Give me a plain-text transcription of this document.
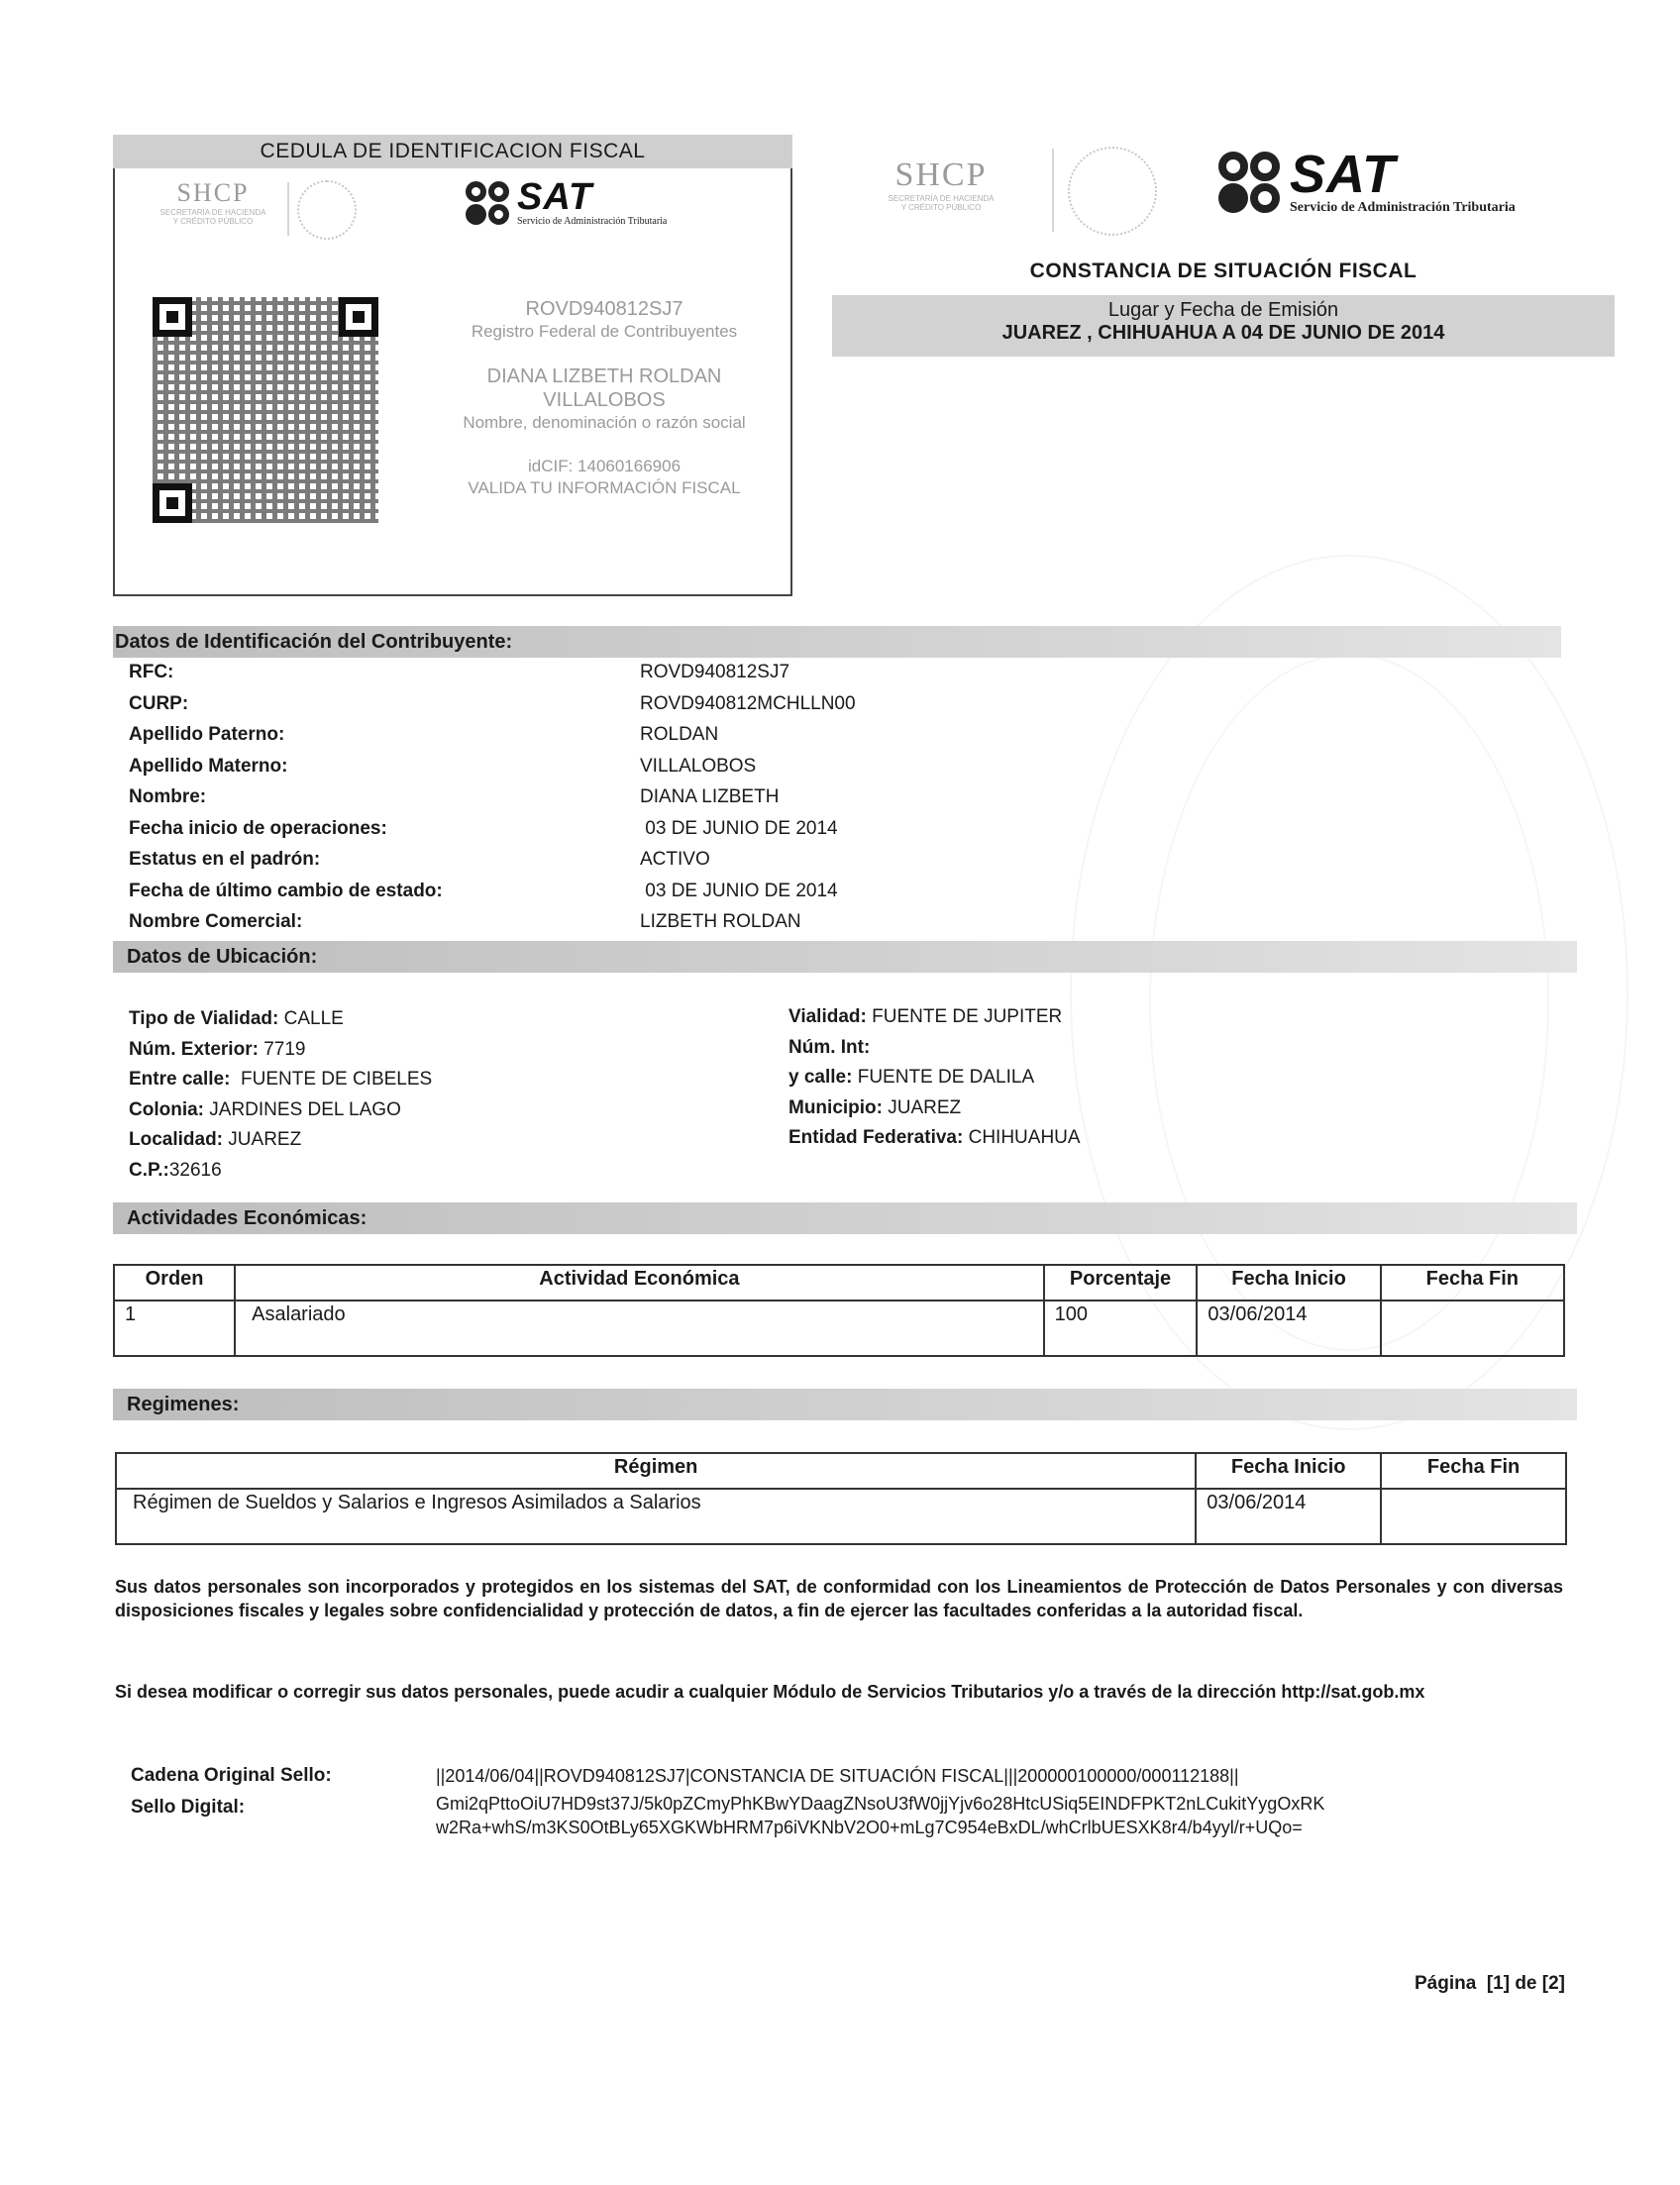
CEDULA DE IDENTIFICACION FISCAL
SHCP
SECRETARÍA DE HACIENDA
Y CRÉDITO PÚBLICO
SAT
Servicio de Administración Tributaria
ROVD940812SJ7
Registro Federal de Contribuyentes
DIANA LIZBETH ROLDAN
VILLALOBOS
Nombre, denominación o razón social
idCIF: 14060166906
VALIDA TU INFORMACIÓN FISCAL
SHCP
SECRETARÍA DE HACIENDA
Y CRÉDITO PÚBLICO
SAT
Servicio de Administración Tributaria
CONSTANCIA DE SITUACIÓN FISCAL
Lugar y Fecha de Emisión
JUAREZ , CHIHUAHUA A 04 DE JUNIO DE 2014
Datos de Identificación del Contribuyente:
RFC:	ROVD940812SJ7
CURP:	ROVD940812MCHLLN00
Apellido Paterno:	ROLDAN
Apellido Materno:	VILLALOBOS
Nombre:	DIANA LIZBETH
Fecha inicio de operaciones:	03 DE JUNIO DE 2014
Estatus en el padrón:	ACTIVO
Fecha de último cambio de estado:	03 DE JUNIO DE 2014
Nombre Comercial:	LIZBETH ROLDAN
Datos de Ubicación:
Tipo de Vialidad: CALLE
Núm. Exterior: 7719
Entre calle:  FUENTE DE CIBELES
Colonia: JARDINES DEL LAGO
Localidad: JUAREZ
C.P.:32616
Vialidad: FUENTE DE JUPITER
Núm. Int:
y calle: FUENTE DE DALILA
Municipio: JUAREZ
Entidad Federativa: CHIHUAHUA
Actividades Económicas:
Orden	Actividad Económica	Porcentaje	Fecha Inicio	Fecha Fin
1	Asalariado	100	03/06/2014	
Regimenes:
Régimen	Fecha Inicio	Fecha Fin
Régimen de Sueldos y Salarios e Ingresos Asimilados a Salarios	03/06/2014	
Sus datos personales son incorporados y protegidos en los sistemas del SAT, de conformidad con los Lineamientos de Protección de Datos Personales y con diversas disposiciones fiscales y legales sobre confidencialidad y protección de datos, a fin de ejercer las facultades conferidas a la autoridad fiscal.
Si desea modificar o corregir sus datos personales, puede acudir a cualquier Módulo de Servicios Tributarios y/o a través de la dirección http://sat.gob.mx
Cadena Original Sello:	||2014/06/04||ROVD940812SJ7|CONSTANCIA DE SITUACIÓN FISCAL|||200000100000/000112188||
Sello Digital:	Gmi2qPttoOiU7HD9st37J/5k0pZCmyPhKBwYDaagZNsoU3fW0jjYjv6o28HtcUSiq5EINDFPKT2nLCukitYygOxRK
w2Ra+whS/m3KS0OtBLy65XGKWbHRM7p6iVKNbV2O0+mLg7C954eBxDL/whCrlbUESXK8r4/b4yyl/r+UQo=
Página  [1] de [2]
